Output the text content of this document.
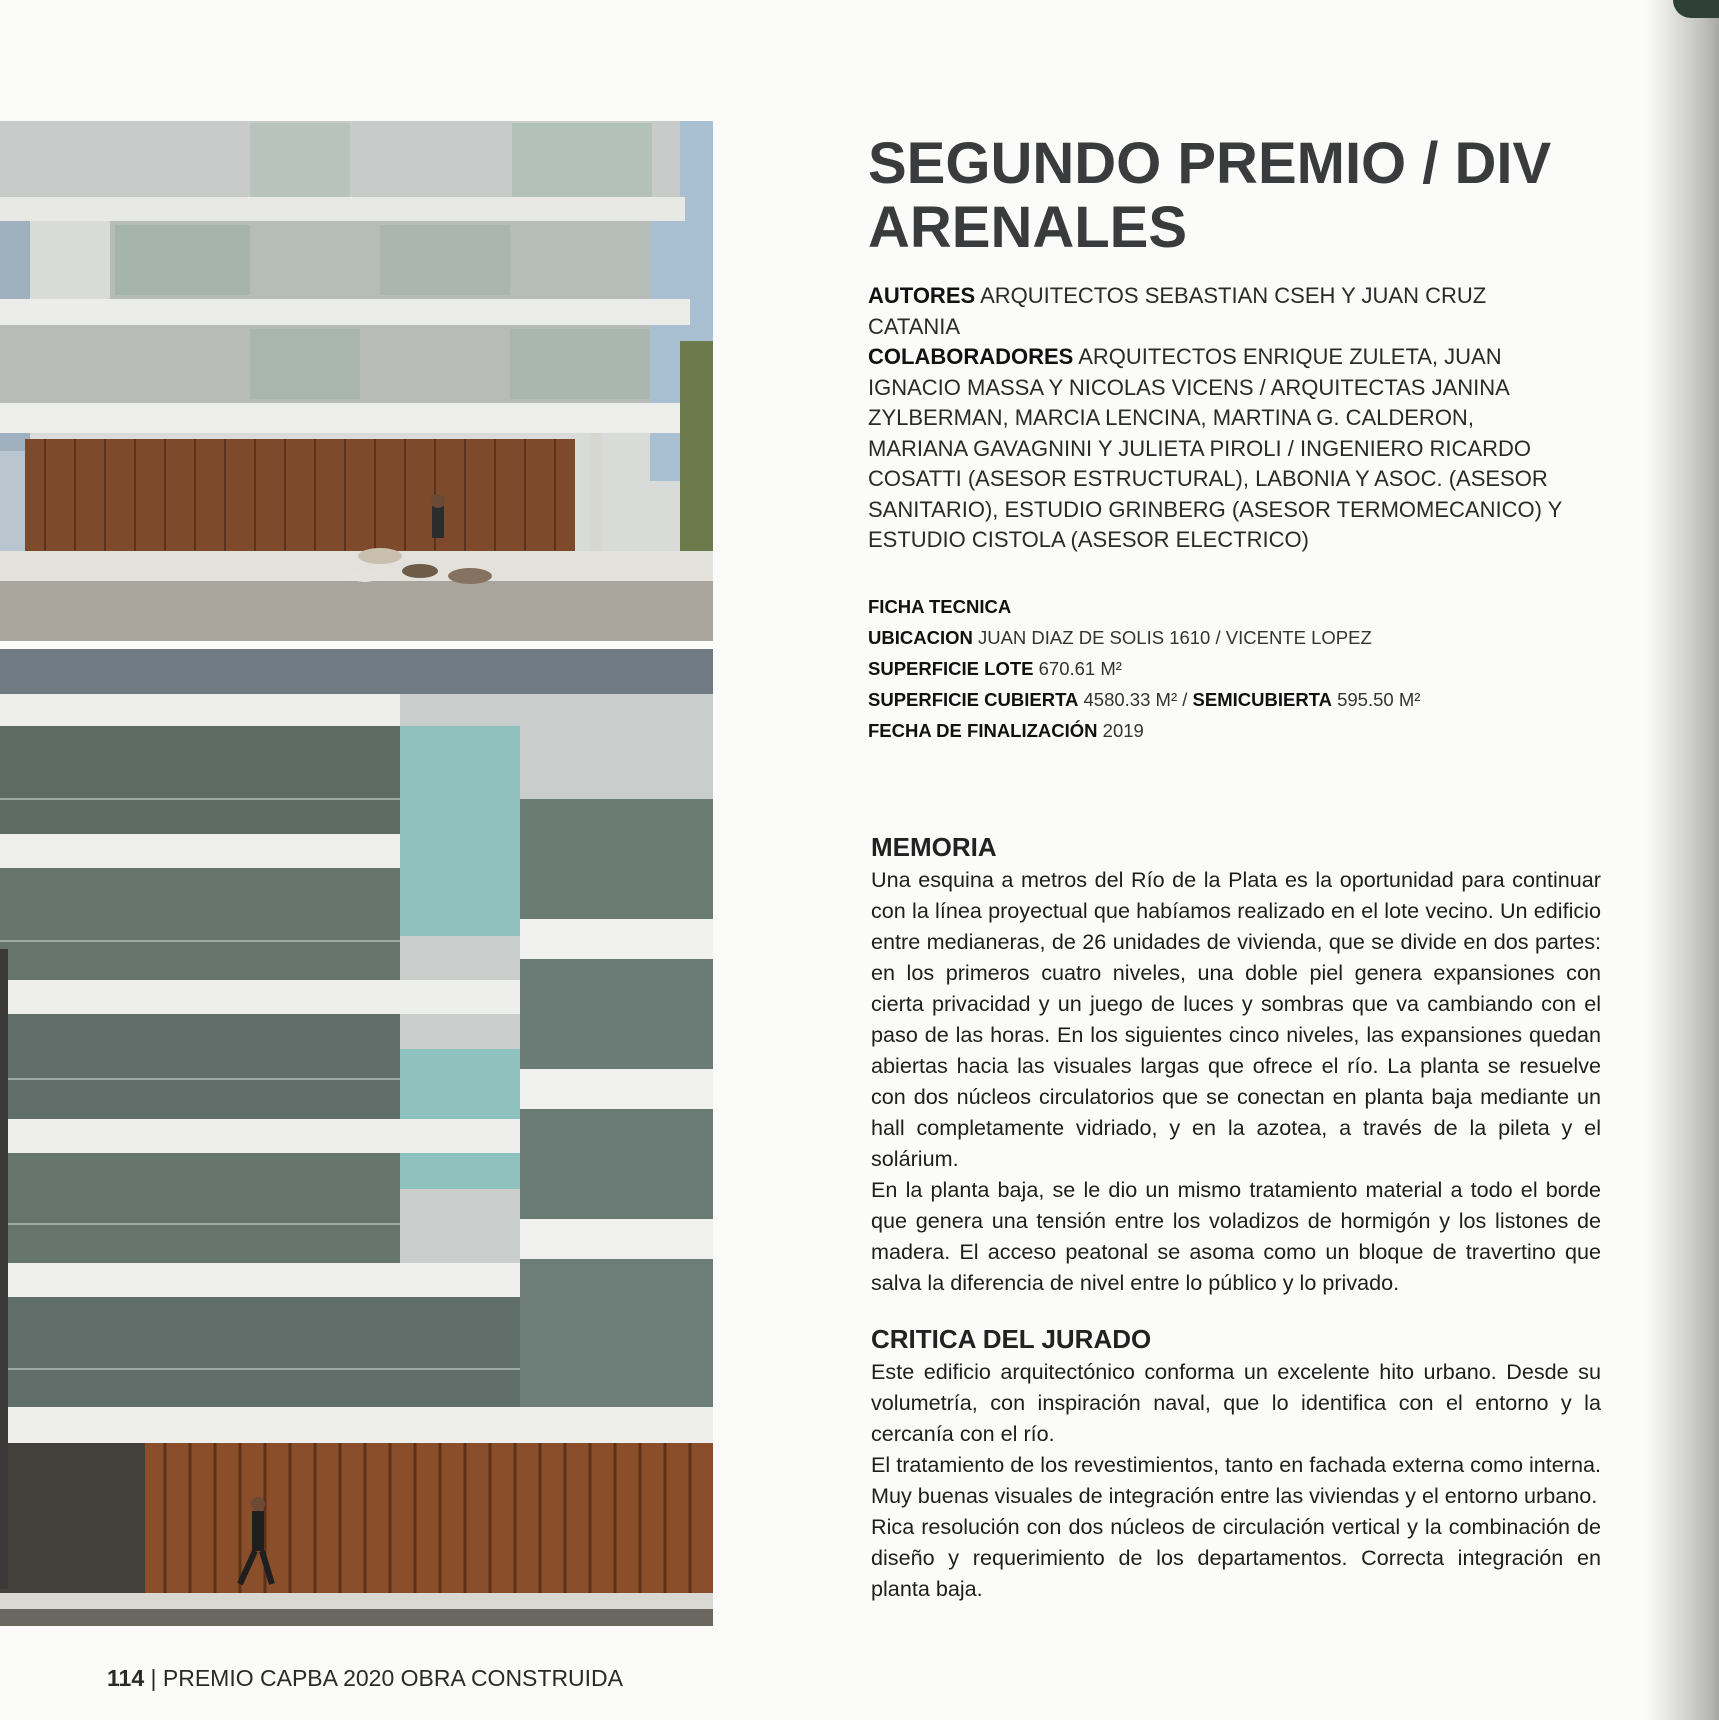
SEGUNDO PREMIO / DIV ARENALES

AUTORES ARQUITECTOS SEBASTIAN CSEH Y JUAN CRUZ CATANIA
COLABORADORES ARQUITECTOS ENRIQUE ZULETA, JUAN IGNACIO MASSA Y NICOLAS VICENS / ARQUITECTAS JANINA ZYLBERMAN, MARCIA LENCINA, MARTINA G. CALDERON, MARIANA GAVAGNINI Y JULIETA PIROLI / INGENIERO RICARDO COSATTI (ASESOR ESTRUCTURAL), LABONIA Y ASOC. (ASESOR SANITARIO), ESTUDIO GRINBERG (ASESOR TERMOMECANICO) Y ESTUDIO CISTOLA (ASESOR ELECTRICO)

FICHA TECNICA
UBICACION JUAN DIAZ DE SOLIS 1610 / VICENTE LOPEZ
SUPERFICIE LOTE 670.61 M²
SUPERFICIE CUBIERTA 4580.33 M² / SEMICUBIERTA 595.50 M²
FECHA DE FINALIZACIÓN 2019
MEMORIA

Una esquina a metros del Río de la Plata es la oportunidad para continuar con la línea proyectual que habíamos realizado en el lote vecino. Un edificio entre medianeras, de 26 unidades de vivienda, que se divide en dos partes: en los primeros cuatro niveles, una doble piel genera expansiones con cierta privacidad y un juego de luces y sombras que va cambiando con el paso de las horas. En los siguientes cinco niveles, las expansiones quedan abiertas hacia las visuales largas que ofrece el río. La planta se resuelve con dos núcleos circulatorios que se conectan en planta baja mediante un hall completamente vidriado, y en la azotea, a través de la pileta y el solárium.

En la planta baja, se le dio un mismo tratamiento material a todo el borde que genera una tensión entre los voladizos de hormigón y los listones de madera. El acceso peatonal se asoma como un bloque de travertino que salva la diferencia de nivel entre lo público y lo privado.

CRITICA DEL JURADO

Este edificio arquitectónico conforma un excelente hito urbano. Desde su volumetría, con inspiración naval, que lo identifica con el entorno y la cercanía con el río.

El tratamiento de los revestimientos, tanto en fachada externa como interna. Muy buenas visuales de integración entre las viviendas y el entorno urbano.

Rica resolución con dos núcleos de circulación vertical y la combinación de diseño y requerimiento de los departamentos. Correcta integración en planta baja.

114 | PREMIO CAPBA 2020 OBRA CONSTRUIDA
